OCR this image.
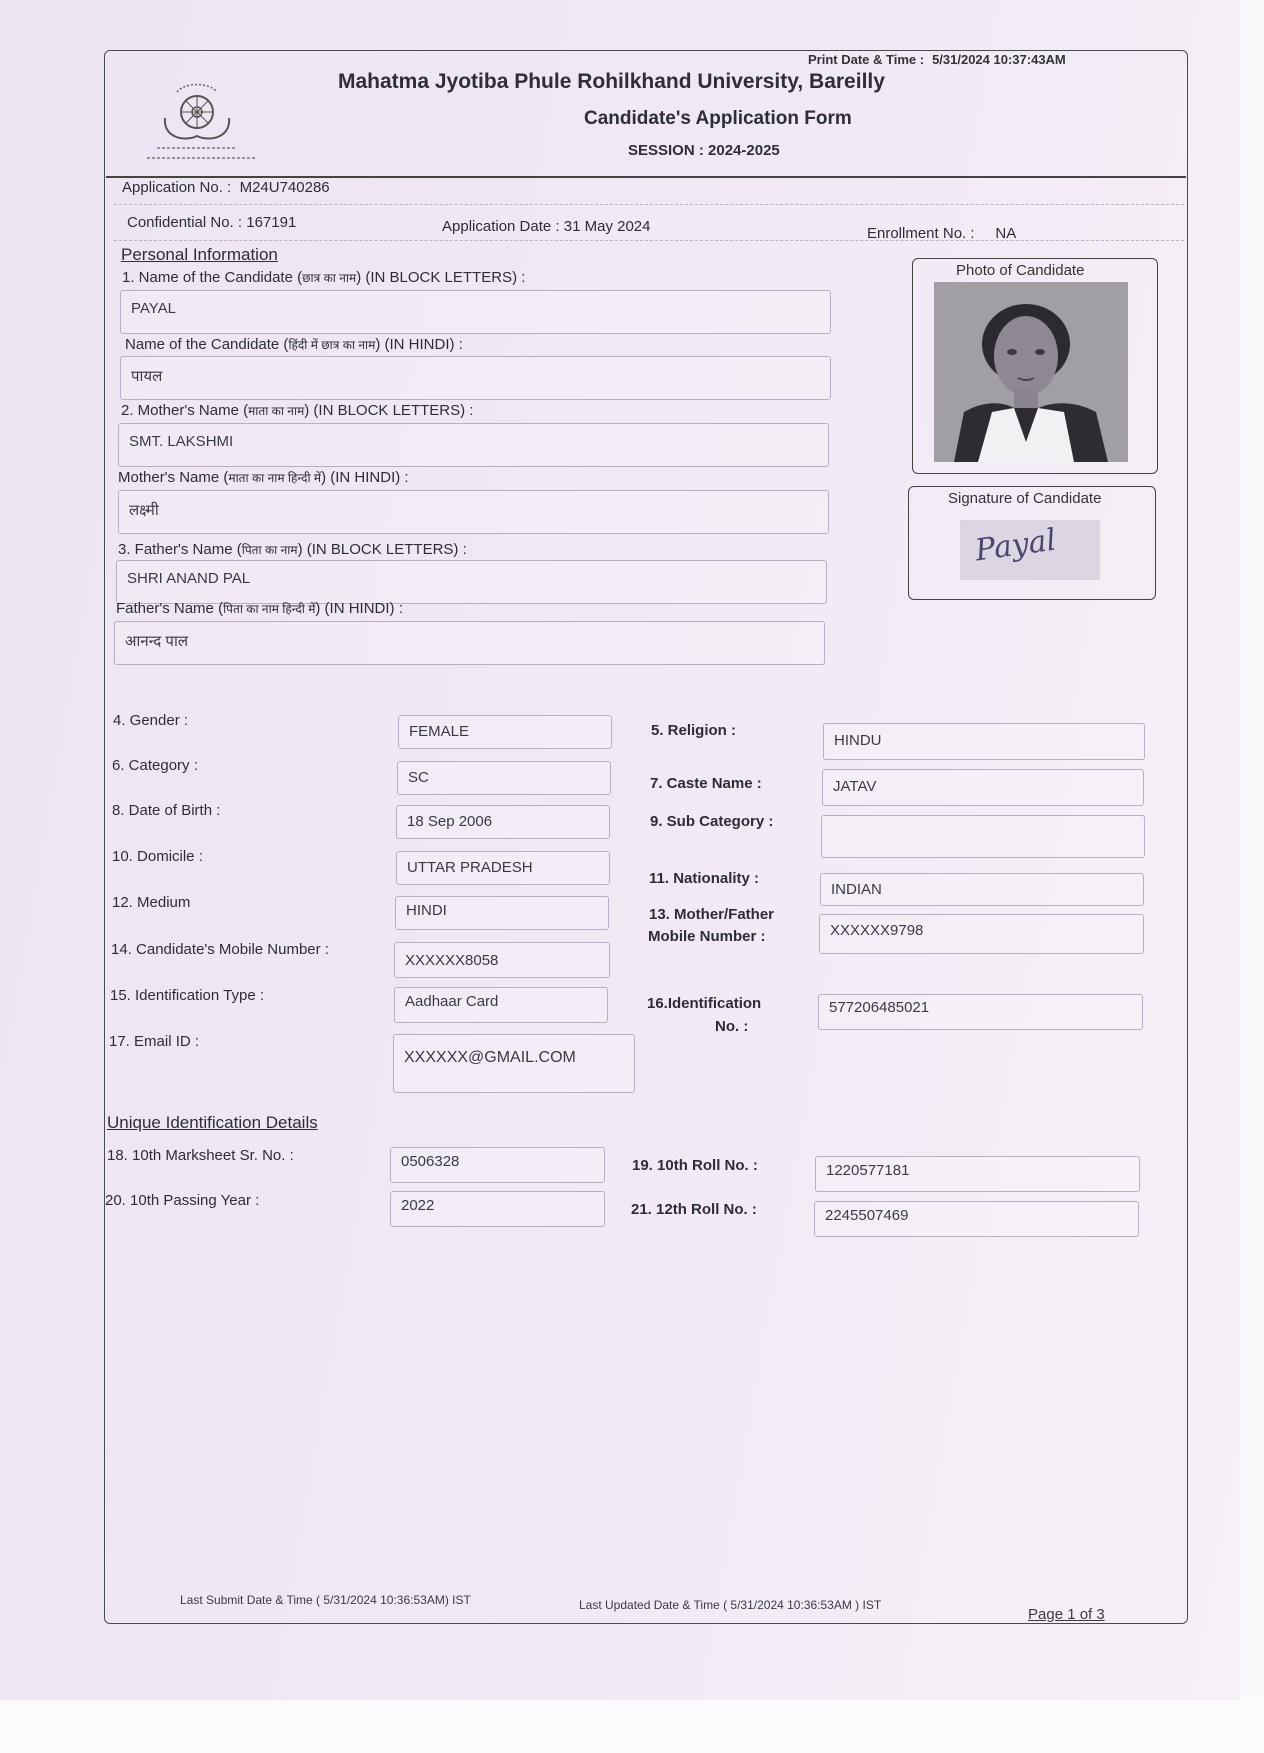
Print Date & Time : 5/31/2024 10:37:43AM
Mahatma Jyotiba Phule Rohilkhand University, Bareilly
Candidate's Application Form
SESSION : 2024-2025
Application No. : M24U740286
Confidential No. : 167191	Application Date : 31 May 2024	Enrollment No. : NA
Personal Information
1. Name of the Candidate (छात्र का नाम) (IN BLOCK LETTERS) :
PAYAL
Name of the Candidate (हिंदी में छात्र का नाम) (IN HINDI) :
पायल
2. Mother's Name (माता का नाम) (IN BLOCK LETTERS) :
SMT. LAKSHMI
Mother's Name (माता का नाम हिन्दी में) (IN HINDI) :
लक्ष्मी
3. Father's Name (पिता का नाम) (IN BLOCK LETTERS) :
SHRI ANAND PAL
Father's Name (पिता का नाम हिन्दी में) (IN HINDI) :
आनन्द पाल
Photo of Candidate
Signature of Candidate
Payal
4. Gender :
FEMALE	5. Religion :
HINDU
6. Category :
SC	7. Caste Name :	JATAV
8. Date of Birth :
18 Sep 2006	9. Sub Category :
10. Domicile :
UTTAR PRADESH
11. Nationality :
INDIAN
12. Medium	HINDI	13. Mother/Father
Mobile Number :	XXXXXX9798
14. Candidate's Mobile Number :
XXXXXX8058
15. Identification Type :	Aadhaar Card	16.Identification
No. :
577206485021
17. Email ID :
XXXXXX@GMAIL.COM
Unique Identification Details
18. 10th Marksheet Sr. No. :	0506328	19. 10th Roll No. :	1220577181
20. 10th Passing Year :	2022	21. 12th Roll No. :	2245507469
Last Submit Date & Time ( 5/31/2024 10:36:53AM) IST	Last Updated Date & Time ( 5/31/2024 10:36:53AM ) IST
Page 1 of 3
